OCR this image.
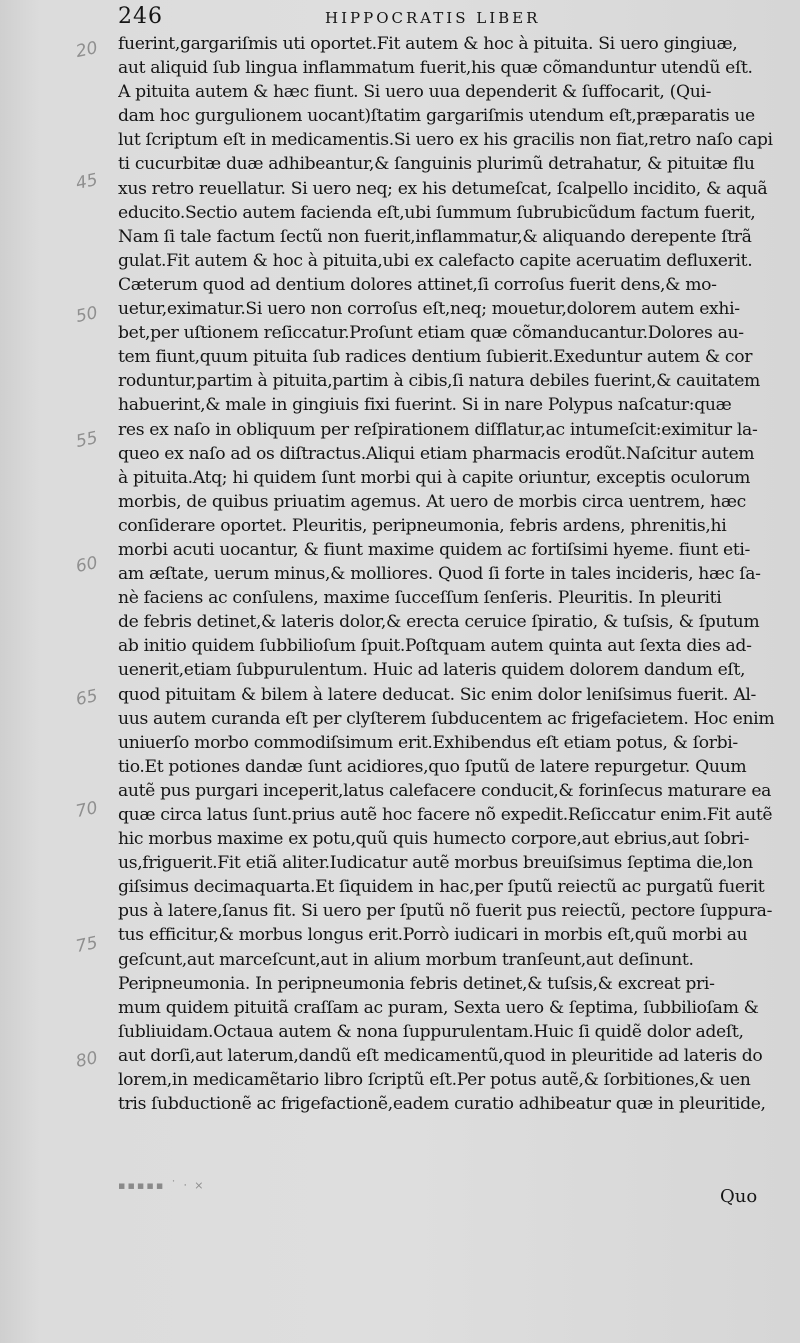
246	HIPPOCRATIS LIBER
20
45
50
55
60
65
70
75
80
fuerint,gargariſmis uti oportet.Fit autem & hoc à pituita. Si uero gingiuæ,
aut aliquid ſub lingua inflammatum fuerit,his quæ cõmanduntur utendũ eſt.
A pituita autem & hæc fiunt. Si uero uua dependerit & ſuffocarit, (Qui-
dam hoc gurgulionem uocant)ſtatim gargariſmis utendum eſt,præparatis ue
lut ſcriptum eſt in medicamentis.Si uero ex his gracilis non fiat,retro naſo capi
ti cucurbitæ duæ adhibeantur,& ſanguinis plurimũ detrahatur, & pituitæ flu
xus retro reuellatur. Si uero neq; ex his detumeſcat, ſcalpello incidito, & aquã
educito.Sectio autem facienda eſt,ubi ſummum ſubrubicũdum factum fuerit,
Nam ſi tale factum ſectũ non fuerit,inflammatur,& aliquando derepente ſtrã
gulat.Fit autem & hoc à pituita,ubi ex calefacto capite aceruatim defluxerit.
Cæterum quod ad dentium dolores attinet,ſi corroſus fuerit dens,& mo-
uetur,eximatur.Si uero non corroſus eſt,neq; mouetur,dolorem autem exhi-
bet,per uſtionem reſiccatur.Proſunt etiam quæ cõmanducantur.Dolores au-
tem fiunt,quum pituita ſub radices dentium ſubierit.Exeduntur autem & cor
roduntur,partim à pituita,partim à cibis,ſi natura debiles fuerint,& cauitatem
habuerint,& male in gingiuis fixi fuerint. Si in nare Polypus naſcatur:quæ
res ex naſo in obliquum per reſpirationem diſflatur,ac intumeſcit:eximitur la-
queo ex naſo ad os diſtractus.Aliqui etiam pharmacis erodũt.Naſcitur autem
à pituita.Atq; hi quidem ſunt morbi qui à capite oriuntur, exceptis oculorum
morbis, de quibus priuatim agemus. At uero de morbis circa uentrem, hæc
conſiderare oportet. Pleuritis, peripneumonia, febris ardens, phrenitis,hi
morbi acuti uocantur, & fiunt maxime quidem ac fortiſsimi hyeme. fiunt eti-
am æſtate, uerum minus,& molliores. Quod ſi forte in tales incideris, hæc ſa-
nè faciens ac conſulens, maxime ſucceſſum ſenſeris. Pleuritis. In pleuriti
de febris detinet,& lateris dolor,& erecta ceruice ſpiratio, & tuſsis, & ſputum
ab initio quidem ſubbilioſum ſpuit.Poſtquam autem quinta aut ſexta dies ad-
uenerit,etiam ſubpurulentum. Huic ad lateris quidem dolorem dandum eſt,
quod pituitam & bilem à latere deducat. Sic enim dolor leniſsimus fuerit. Al-
uus autem curanda eſt per clyſterem ſubducentem ac frigefacietem. Hoc enim
uniuerſo morbo commodiſsimum erit.Exhibendus eſt etiam potus, & ſorbi-
tio.Et potiones dandæ ſunt acidiores,quo ſputũ de latere repurgetur. Quum
autẽ pus purgari inceperit,latus calefacere conducit,& forinſecus maturare ea
quæ circa latus ſunt.prius autẽ hoc facere nõ expedit.Reſiccatur enim.Fit autẽ
hic morbus maxime ex potu,quũ quis humecto corpore,aut ebrius,aut ſobri-
us,friguerit.Fit etiã aliter.Iudicatur autẽ morbus breuiſsimus ſeptima die,lon
giſsimus decimaquarta.Et ſiquidem in hac,per ſputũ reiectũ ac purgatũ fuerit
pus à latere,ſanus fit. Si uero per ſputũ nõ fuerit pus reiectũ, pectore ſuppura-
tus efficitur,& morbus longus erit.Porrò iudicari in morbis eſt,quũ morbi au
geſcunt,aut marceſcunt,aut in alium morbum tranſeunt,aut deſinunt.
Peripneumonia. In peripneumonia febris detinet,& tuſsis,& excreat pri-
mum quidem pituitã craſſam ac puram, Sexta uero & ſeptima, ſubbilioſam &
ſubliuidam.Octaua autem & nona ſuppurulentam.Huic ſi quidẽ dolor adeſt,
aut dorſi,aut laterum,dandũ eſt medicamentũ,quod in pleuritide ad lateris do
lorem,in medicamẽtario libro ſcriptũ eſt.Per potus autẽ,& ſorbitiones,& uen
tris ſubductionẽ ac frigefactionẽ,eadem curatio adhibeatur quæ in pleuritide,
▪▪▪▪▪ ˙ ⸱ ×
Quo
